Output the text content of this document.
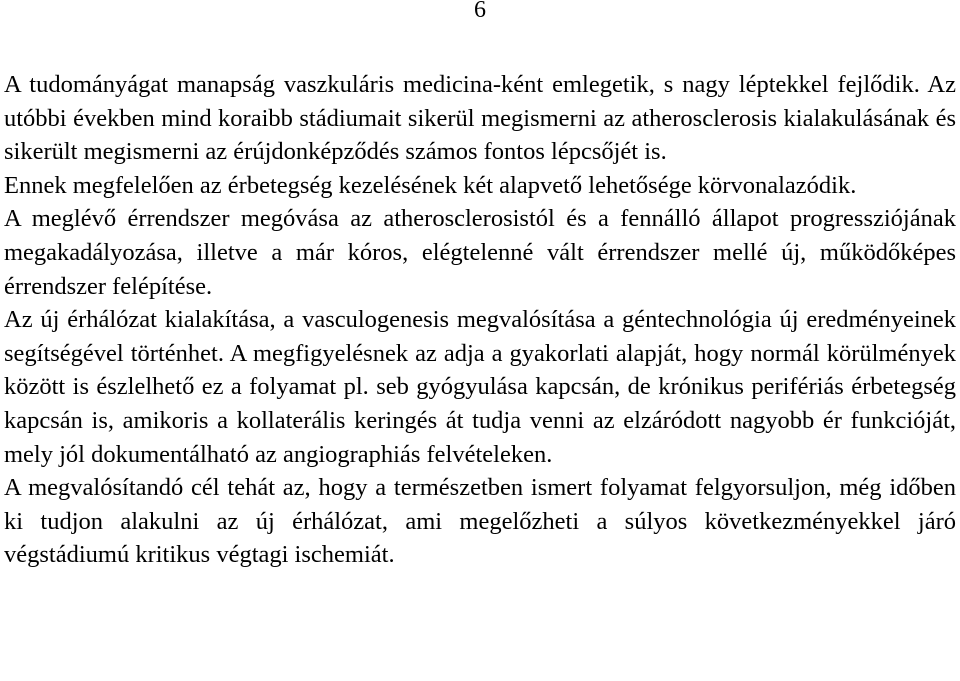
6

A tudományágat manapság vaszkuláris medicina-ként emlegetik, s nagy léptekkel fejlődik. Az utóbbi években mind koraibb stádiumait sikerül megismerni az atherosclerosis kialakulásának és sikerült megismerni az érújdonképződés számos fontos lépcsőjét is.

Ennek megfelelően az érbetegség kezelésének két alapvető lehetősége körvonalazódik.

A meglévő érrendszer megóvása az atherosclerosistól és a fennálló állapot progressziójának megakadályozása, illetve a már kóros, elégtelenné vált érrendszer mellé új, működőképes érrendszer felépítése.

Az új érhálózat kialakítása, a vasculogenesis megvalósítása a géntechnológia új eredményeinek segítségével történhet. A megfigyelésnek az adja a gyakorlati alapját, hogy normál körülmények között is észlelhető ez a folyamat pl. seb gyógyulása kapcsán, de krónikus perifériás érbetegség kapcsán is, amikoris a kollaterális keringés át tudja venni az elzáródott nagyobb ér funkcióját, mely jól dokumentálható az angiographiás felvételeken.

A megvalósítandó cél tehát az, hogy a természetben ismert folyamat felgyorsuljon, még időben ki tudjon alakulni az új érhálózat, ami megelőzheti a súlyos következményekkel járó végstádiumú kritikus végtagi ischemiát.
